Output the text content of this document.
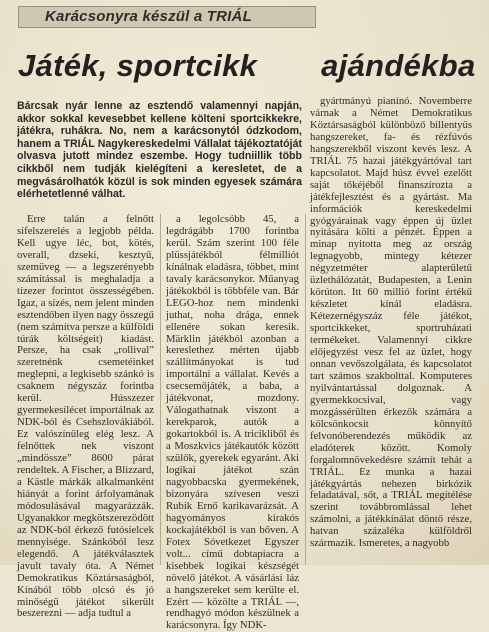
Karácsonyra készül a TRIÁL
Játék, sportcikk ajándékba
Bárcsak nyár lenne az esztendő valamennyi napján, akkor sokkal kevesebbet kellene költeni sportcikkekre, játékra, ruhákra. No, nem a karácsonytól ódzkodom, hanem a TRIÁL Nagykereskedelmi Vállalat tájékoztatóját olvasva jutott mindez eszembe. Hogy tudniillik több cikkből nem tudják kielégíteni a keresletet, de a megvásárolhatók közül is sok minden egyesek számára elérhetetlenné válhat.

Erre talán a felnőtt sífelszerelés a legjobb példa. Kell ugye léc, bot, kötés, overall, dzseki, kesztyű, szemüveg — a legszerényebb számítással is meghaladja a tízezer forintot összességében. Igaz, a sízés, nem jelent minden esztendőben ilyen nagy összegű (nem számítva persze a külföldi túrák költségeit) kiadást. Persze, ha csak „rollival” szeretnénk csemetéinket meglepni, a legkisebb szánkó is csaknem négyszáz forintba kerül. Hússzezer gyermekesílécet importálnak az NDK-ból és Csehszlovákiából. Ez valószínűleg elég lesz. A felnőttek nek viszont „mindössze” 8600 párat rendeltek. A Fischer, a Blizzard, a Kästle márkák alkalmanként hiányát a forint árfolyamának módosulásával magyarázzák. Ugyanakkor megkötszerezödött az NDK-ból érkező futósíelcek mennyisége. Szánkóból lesz elegendő. A játékválasztek javult tavaly óta. A Német Demokratikus Köztársaságból, Kínából több olcsó és jó minőségű játékot sikerült beszerezni — adja tudtul a

a legolcsóbb 45, a legdrágább 1700 forintba kerül. Szám szerint 100 féle plüssjátékból félmilliót kínálnak eladásra, többet, mint tavaly karácsonykor. Műanyag játékokból is többféle van. Bár LEGO-hoz nem mindenki juthat, noha drága, ennek ellenére sokan keresik. Märklin játékból azonban a kereslethez mérten újabb szállítmányokat is tud importálni a vállalat. Kevés a csecsemőjáték, a baba, a játékvonat, mozdony. Válogathatnak viszont a kerekparok, autók a gokartokból is. A tricikliből és a Moszkvics játékautók között szülők, gyerekek egyaránt. Aki logikai játékot szán nagyobbacska gyermekének, bizonyára szívesen veszi Rubik Ernő karikavarázsát. A hagyományos kirakós kockajátékból is van bőven. A Fotex Sóvetkezet Egyszer volt... című dobtapiacra a kisebbek logikai készségét növelő játékot. A vásárlási láz a hangszereket sem kerülte el. Ezért — közölte a TRIÁL —, rendhagyó módon készülnek a karácsonyra. Így NDK-

gyártmányú pianínó. Novemberre várnak a Német Demokratikus Köztársaságból különböző billentyűs hangszereket, fa- és rézfúvós hangszerekből viszont kevés lesz. A TRIÁL 75 hazai játékgyártóval tart kapcsolatot. Majd húsz évvel ezelőtt saját tőkéjéből finanszírozta a játékfejlesztést és a gyártást. Ma információk kereskedelmi gyógyárainak vagy éppen új üzlet nyitására költi a pénzét. Éppen a minap nyitotta meg az ország legnagyobb, mintegy kétezer négyzetméter alapterületű üzlethálózatát, Budapesten, a Lenin körúton. Itt 60 millió forint értékű készletet kínál eladásra. Kétezernégyszáz féle játékot, sportcikkeket, sportruházati termékeket. Valamennyi cikkre előjegyzést vesz fel az üzlet, hogy onnan vevőszolgálata, és kapcsolatot tart számos szakbolttal. Komputeres nyilvántartással dolgoznak. A gyermekkocsival, vagy mozgássérülten érkezők számára a kölcsönkocsit könnyítő felvonóberendezés működik az eladóterek között. Komoly forgalomnövekedésre számít tehát a TRIÁL. Ez munka a hazai játékgyártás nehezen birkózik feladatával, sőt, a TRIÁL megítélése szerint továbbromlással lehet számolni, a játékkínálat döntő része, hatvan százaléka külföldről származik. Ismeretes, a nagyobb
